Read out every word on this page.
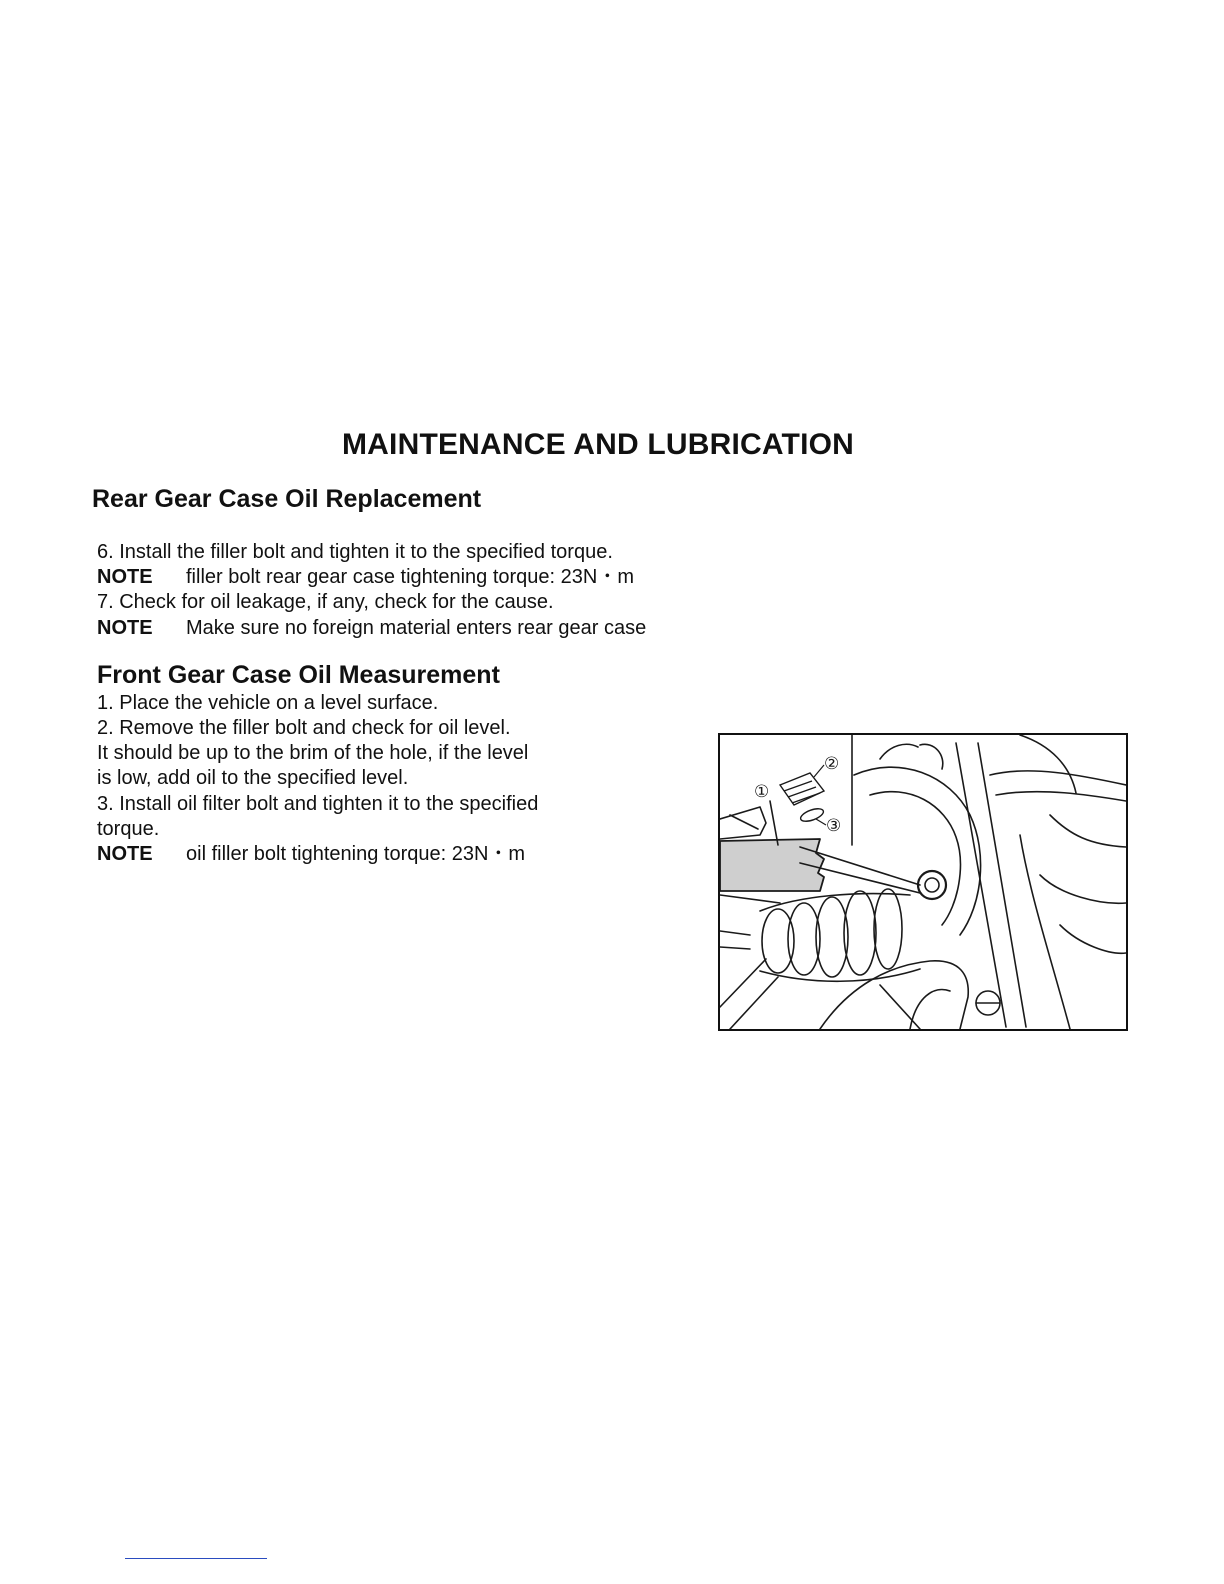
MAINTENANCE AND LUBRICATION
Rear Gear Case Oil Replacement
6. Install the filler bolt and tighten it to the specified torque.
NOTE filler bolt rear gear case tightening torque: 23N・m
7. Check for oil leakage, if any, check for the cause.
NOTE Make sure no foreign material enters rear gear case
Front Gear Case Oil Measurement
1. Place the vehicle on a level surface.
2. Remove the filler bolt and check for oil level.
It should be up to the brim of the hole, if the level
is low, add oil to the specified level.
3. Install oil filter bolt and tighten it to the specified
torque.
NOTE oil filler bolt tightening torque: 23N・m
①
②
③
